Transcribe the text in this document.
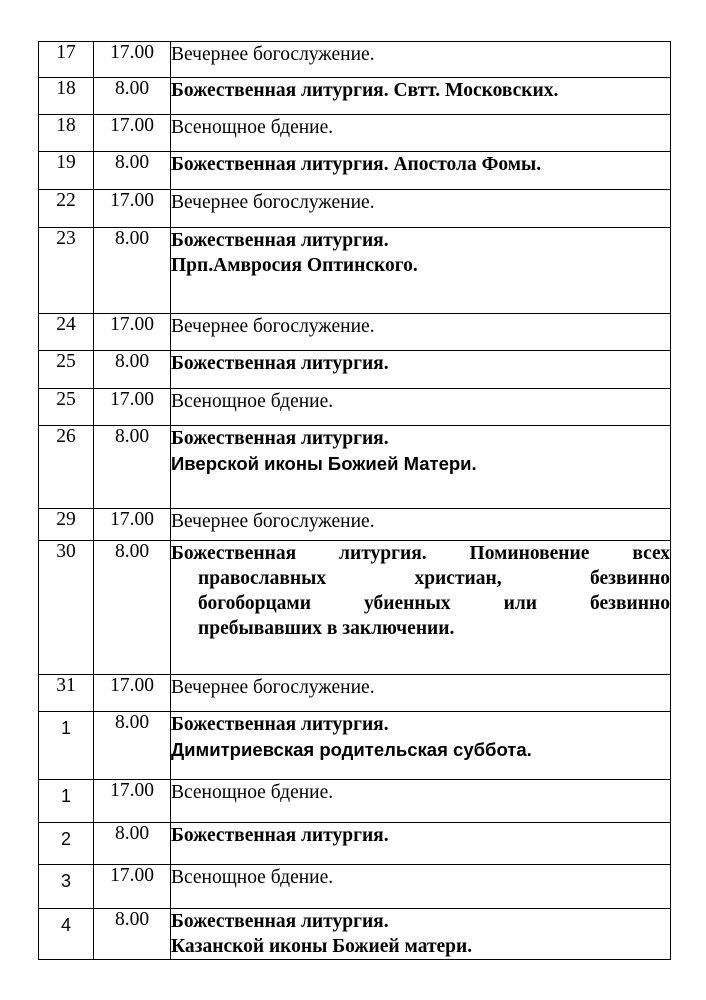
17	17.00	Вечернее богослужение.

18	8.00	Божественная литургия. Свтт. Московских.

18	17.00	Всенощное бдение.

19	8.00	Божественная литургия. Апостола Фомы.

22	17.00	Вечернее богослужение.

23	8.00	Божественная литургия.
Прп.Амвросия Оптинского.

24	17.00	Вечернее богослужение.

25	8.00	Божественная литургия.

25	17.00	Всенощное бдение.

26	8.00	Божественная литургия.
Иверской иконы Божией Матери.

29	17.00	Вечернее богослужение.

30	8.00	Божественная литургия. Поминовение всех
православных христиан, безвинно
богоборцами убиенных или безвинно
пребывавших в заключении.

31	17.00	Вечернее богослужение.

1	8.00	Божественная литургия.
Димитриевская родительская суббота.

1	17.00	Всенощное бдение.

2	8.00	Божественная литургия.

3	17.00	Всенощное бдение.

4	8.00	Божественная литургия.
Казанской иконы Божией матери.
